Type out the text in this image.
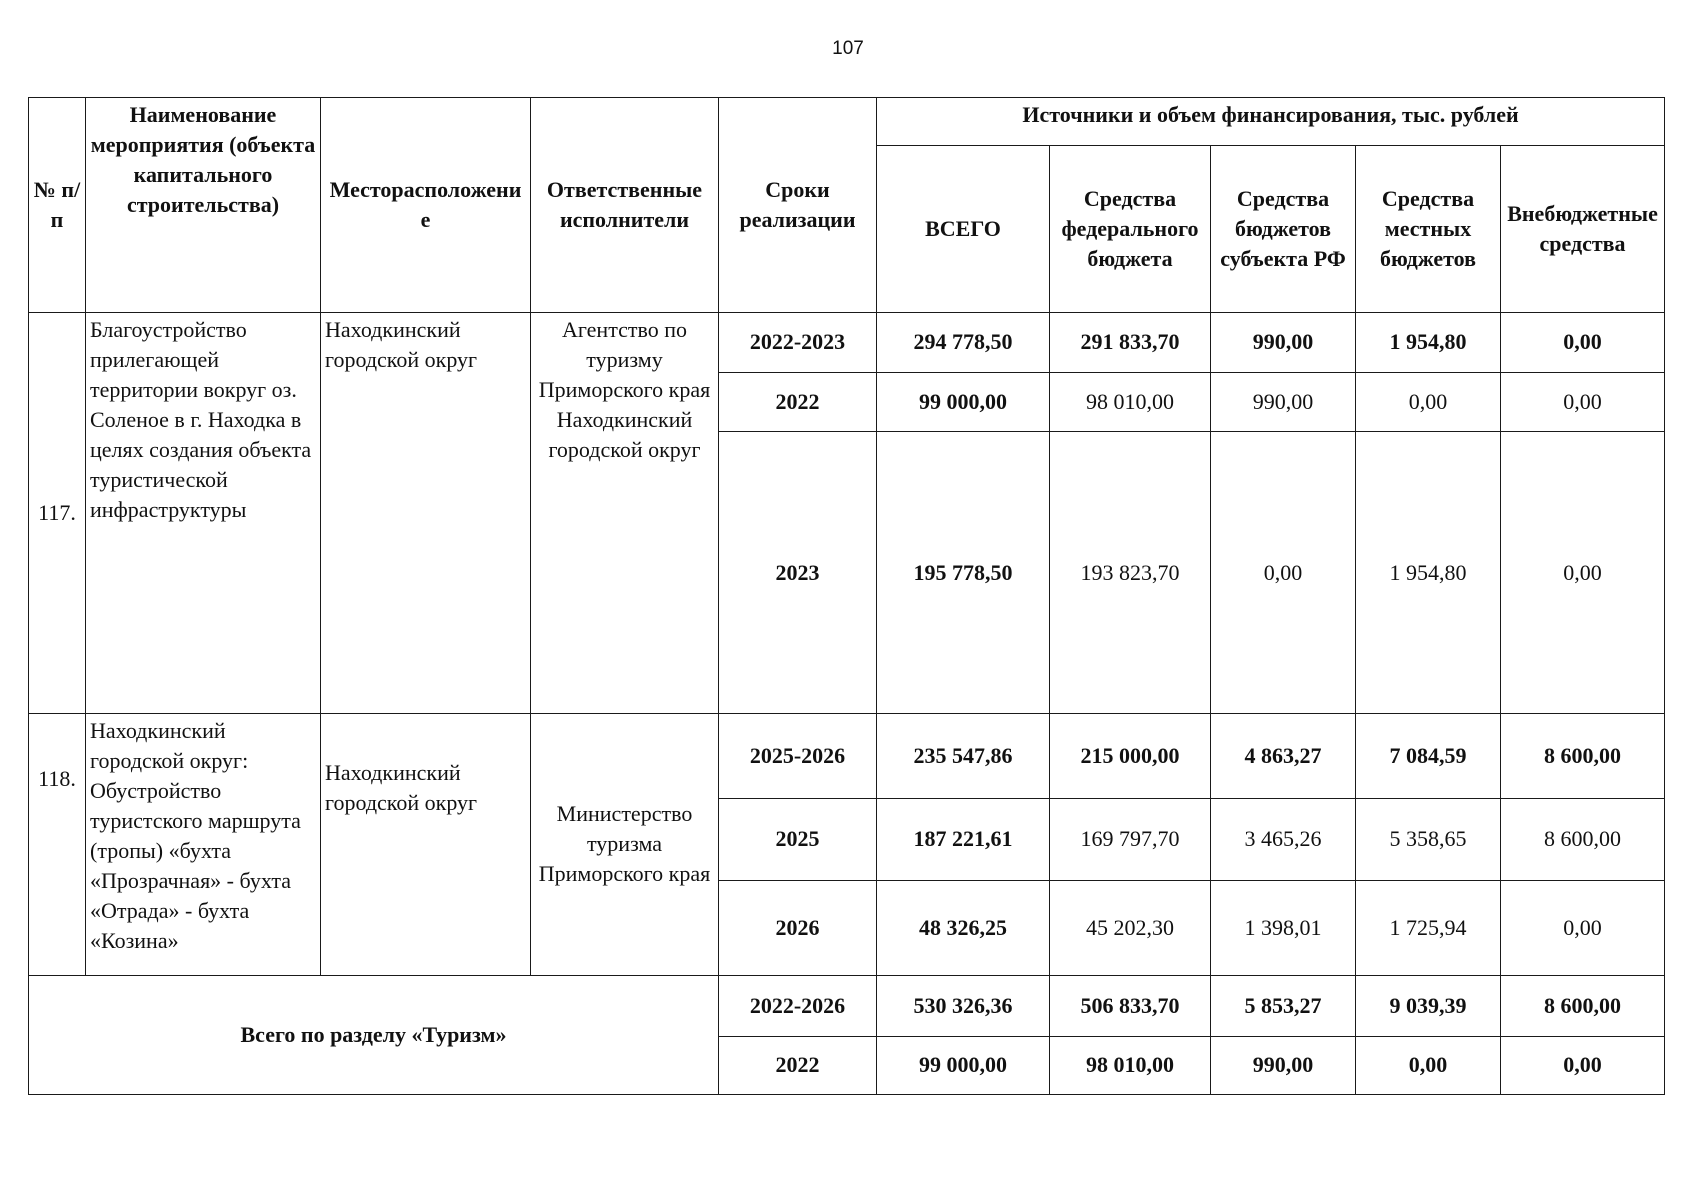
107
№ п/п	Наименование мероприятия (объекта капитального строительства)	Месторасположение	Ответственные исполнители	Сроки реализации	Источники и объем финансирования, тыс. рублей				
					ВСЕГО	Средства федерального бюджета	Средства бюджетов субъекта РФ	Средства местных бюджетов	Внебюджетные средства
117.	Благоустройство прилегающей территории вокруг оз. Соленое в г. Находка в целях создания объекта туристической инфраструктуры	Находкинский городской округ	Агентство по туризму Приморского края Находкинский городской округ	2022-2023	294 778,50	291 833,70	990,00	1 954,80	0,00
				2022	99 000,00	98 010,00	990,00	0,00	0,00
				2023	195 778,50	193 823,70	0,00	1 954,80	0,00
118.	Находкинский городской округ: Обустройство туристского маршрута (тропы) «бухта «Прозрачная» - бухта «Отрада» - бухта «Козина»	Находкинский городской округ	Министерство туризма Приморского края	2025-2026	235 547,86	215 000,00	4 863,27	7 084,59	8 600,00
				2025	187 221,61	169 797,70	3 465,26	5 358,65	8 600,00
				2026	48 326,25	45 202,30	1 398,01	1 725,94	0,00
Всего по разделу «Туризм»				2022-2026	530 326,36	506 833,70	5 853,27	9 039,39	8 600,00
				2022	99 000,00	98 010,00	990,00	0,00	0,00
